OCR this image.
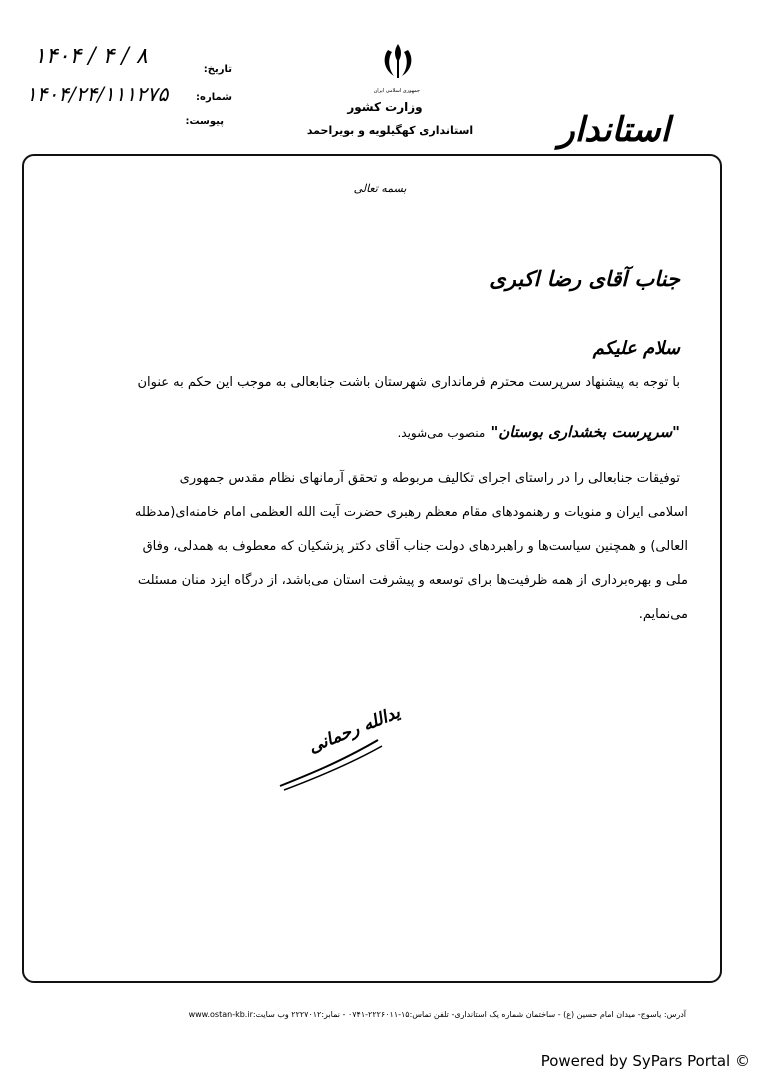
جمهوری اسلامی ایران
وزارت کشور
استانداری کهگیلویه و بویراحمد	استاندار
تاریخ:
شماره:
پیوست:
۱۴۰۴ / ۴ / ۸
۱۴۰۴/۲۴/۱۱۱۲۷۵
بسمه تعالی
جناب آقای رضا اکبری
سلام علیکم
با توجه به پیشنهاد سرپرست محترم فرمانداری شهرستان باشت جنابعالی به موجب این حکم به عنوان
"سرپرست بخشداری بوستان" منصوب می‌شوید.
توفیقات جنابعالی را در راستای اجرای تکالیف مربوطه و تحقق آرمانهای نظام مقدس جمهوری
اسلامی ایران و منویات و رهنمودهای مقام معظم رهبری حضرت آیت الله العظمی امام خامنه‌ای(مدظله
العالی) و همچنین سیاست‌ها و راهبردهای دولت جناب آقای دکتر پزشکیان که معطوف به همدلی، وفاق
ملی و بهره‌برداری از همه ظرفیت‌ها برای توسعه و پیشرفت استان می‌باشد، از درگاه ایزد منان مسئلت
می‌نمایم.
یدالله رحمانی
آدرس: یاسوج- میدان امام حسین (ع) - ساختمان شماره یک استانداری- تلفن تماس:۱۵-۲۲۲۶۰۱۱-۰۷۴۱ - نمابر:۲۲۲۷۰۱۲ وب سایت:www.ostan-kb.ir
Powered by SyPars Portal ©
